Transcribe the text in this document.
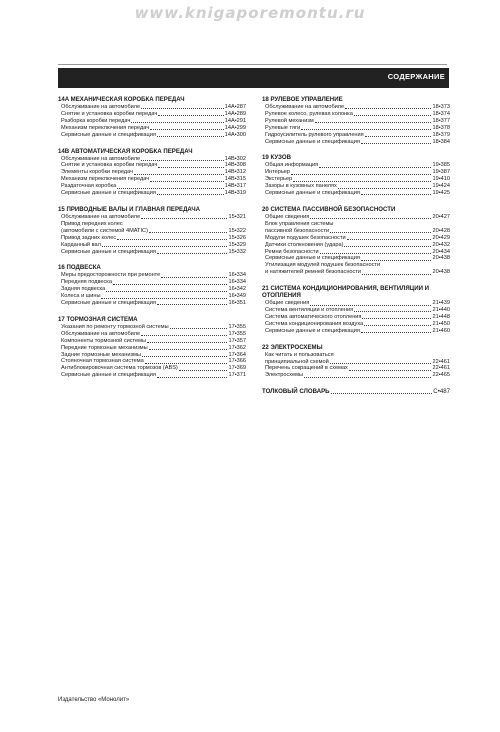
www.knigaporemontu.ru
СОДЕРЖАНИЕ
14A МЕХАНИЧЕСКАЯ КОРОБКА ПЕРЕДАЧ
Обслуживание на автомобиле	14A•287
Снятие и установка коробки передач	14A•289
Разборка коробки передач	14A•291
Механизм переключения передач	14A•299
Сервисные данные и спецификация	14A•300
14B АВТОМАТИЧЕСКАЯ КОРОБКА ПЕРЕДАЧ
Обслуживание на автомобиле	14B•302
Снятие и установка коробки передач	14B•308
Элементы коробки передач	14B•312
Механизм переключения передач	14B•315
Раздаточная коробка	14B•317
Сервисные данные и спецификация	14B•319
15 ПРИВОДНЫЕ ВАЛЫ И ГЛАВНАЯ ПЕРЕДАЧА
Обслуживание на автомобиле	15•321
Привод передних колес
(автомобили с системой 4MATIC)	15•322
Привод задних колес	15•326
Карданный вал	15•329
Сервисные данные и спецификация	15•332
16 ПОДВЕСКА
Меры предосторожности при ремонте	16•334
Передняя подвеска	16•334
Задняя подвеска	16•342
Колеса и шины	16•349
Сервисные данные и спецификация	16•351
17 ТОРМОЗНАЯ СИСТЕМА
Указания по ремонту тормозной системы	17•355
Обслуживание на автомобиле	17•355
Компоненты тормозной системы	17•357
Передние тормозные механизмы	17•362
Задние тормозные механизмы	17•364
Стояночная тормозная система	17•366
Антиблокировочная система тормозов (ABS)	17•369
Сервисные данные и спецификация	17•371
18 РУЛЕВОЕ УПРАВЛЕНИЕ
Обслуживание на автомобиле	18•373
Рулевое колесо, рулевая колонка	18•374
Рулевой механизм	18•377
Рулевые тяги	18•378
Гидроусилитель рулевого управления	18•379
Сервисные данные и спецификация	18•384
19 КУЗОВ
Общая информация	19•385
Интерьер	19•387
Экстерьер	19•410
Зазоры в кузовных панелях	19•424
Сервисные данные и спецификация	19•425
20 СИСТЕМА ПАССИВНОЙ БЕЗОПАСНОСТИ
Общие сведения	20•427
Блок управления системы
пассивной безопасности	20•428
Модули подушек безопасности	20•429
Датчики столкновения (удара)	20•432
Ремни безопасности	20•434
Сервисные данные и спецификация	20•438
Утилизация модулей подушек безопасности
и натяжителей ремней безопасности	20•438
21 СИСТЕМА КОНДИЦИОНИРОВАНИЯ, ВЕНТИЛЯЦИИ И ОТОПЛЕНИЯ
Общие сведения	21•439
Система вентиляции и отопления	21•440
Система автоматического отопления	21•448
Система кондиционирования воздуха	21•450
Сервисные данные и спецификация	21•460
22 ЭЛЕКТРОСХЕМЫ
Как читать и пользоваться
принципиальной схемой	22•461
Перечень сокращений в схемах	22•461
Электросхемы	22•465
ТОЛКОВЫЙ СЛОВАРЬ	C•487
Издательство «Монолит»
